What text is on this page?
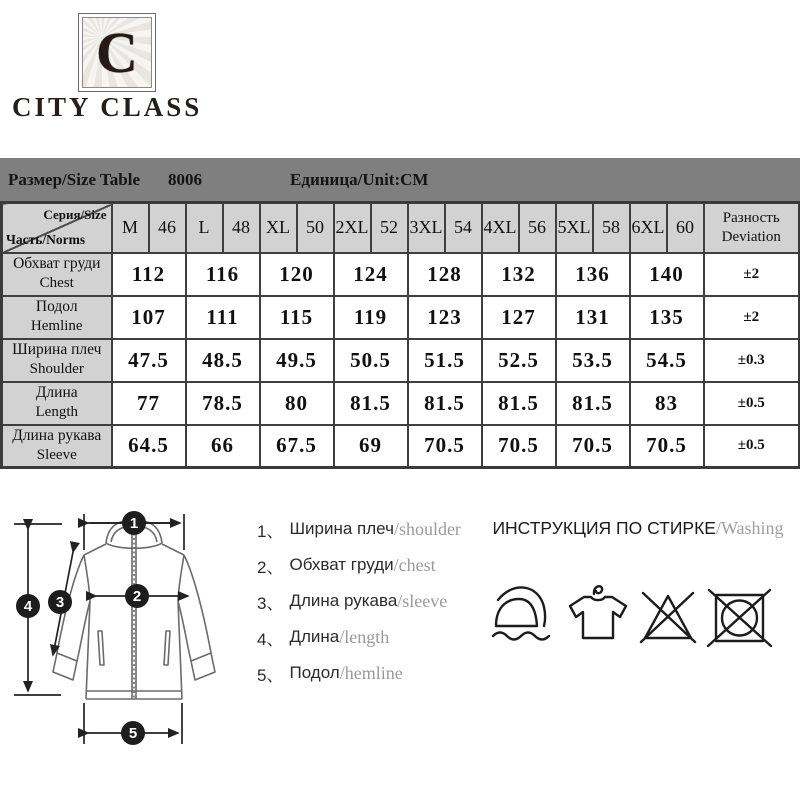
C
CITY CLASS
Размер/Size Table 8006	Единица/Unit:CM
Серия/Size
Часть/Norms
	M	46	L	48	XL	50	2XL	52	3XL	54	4XL	56	5XL	58	6XL	60	Разность
Deviation

Обхват груди
Chest	112		116		120		124		128		132		136		140		±2

Подол
Hemline	107		111		115		119		123		127		131		135		±2

Ширина плеч
Shoulder	47.5		48.5		49.5		50.5		51.5		52.5		53.5		54.5		±0.3

Длина
Length	77		78.5		80		81.5		81.5		81.5		81.5		83		±0.5

Длина рукава
Sleeve	64.5		66		67.5		69		70.5		70.5		70.5		70.5		±0.5
1
2
3
4
5
1、 Ширина плеч /shoulder
2、 Обхват груди /chest
3、 Длина рукава /sleeve
4、 Длина /length
5、 Подол /hemline
ИНСТРУКЦИЯ ПО СТИРКЕ/Washing
